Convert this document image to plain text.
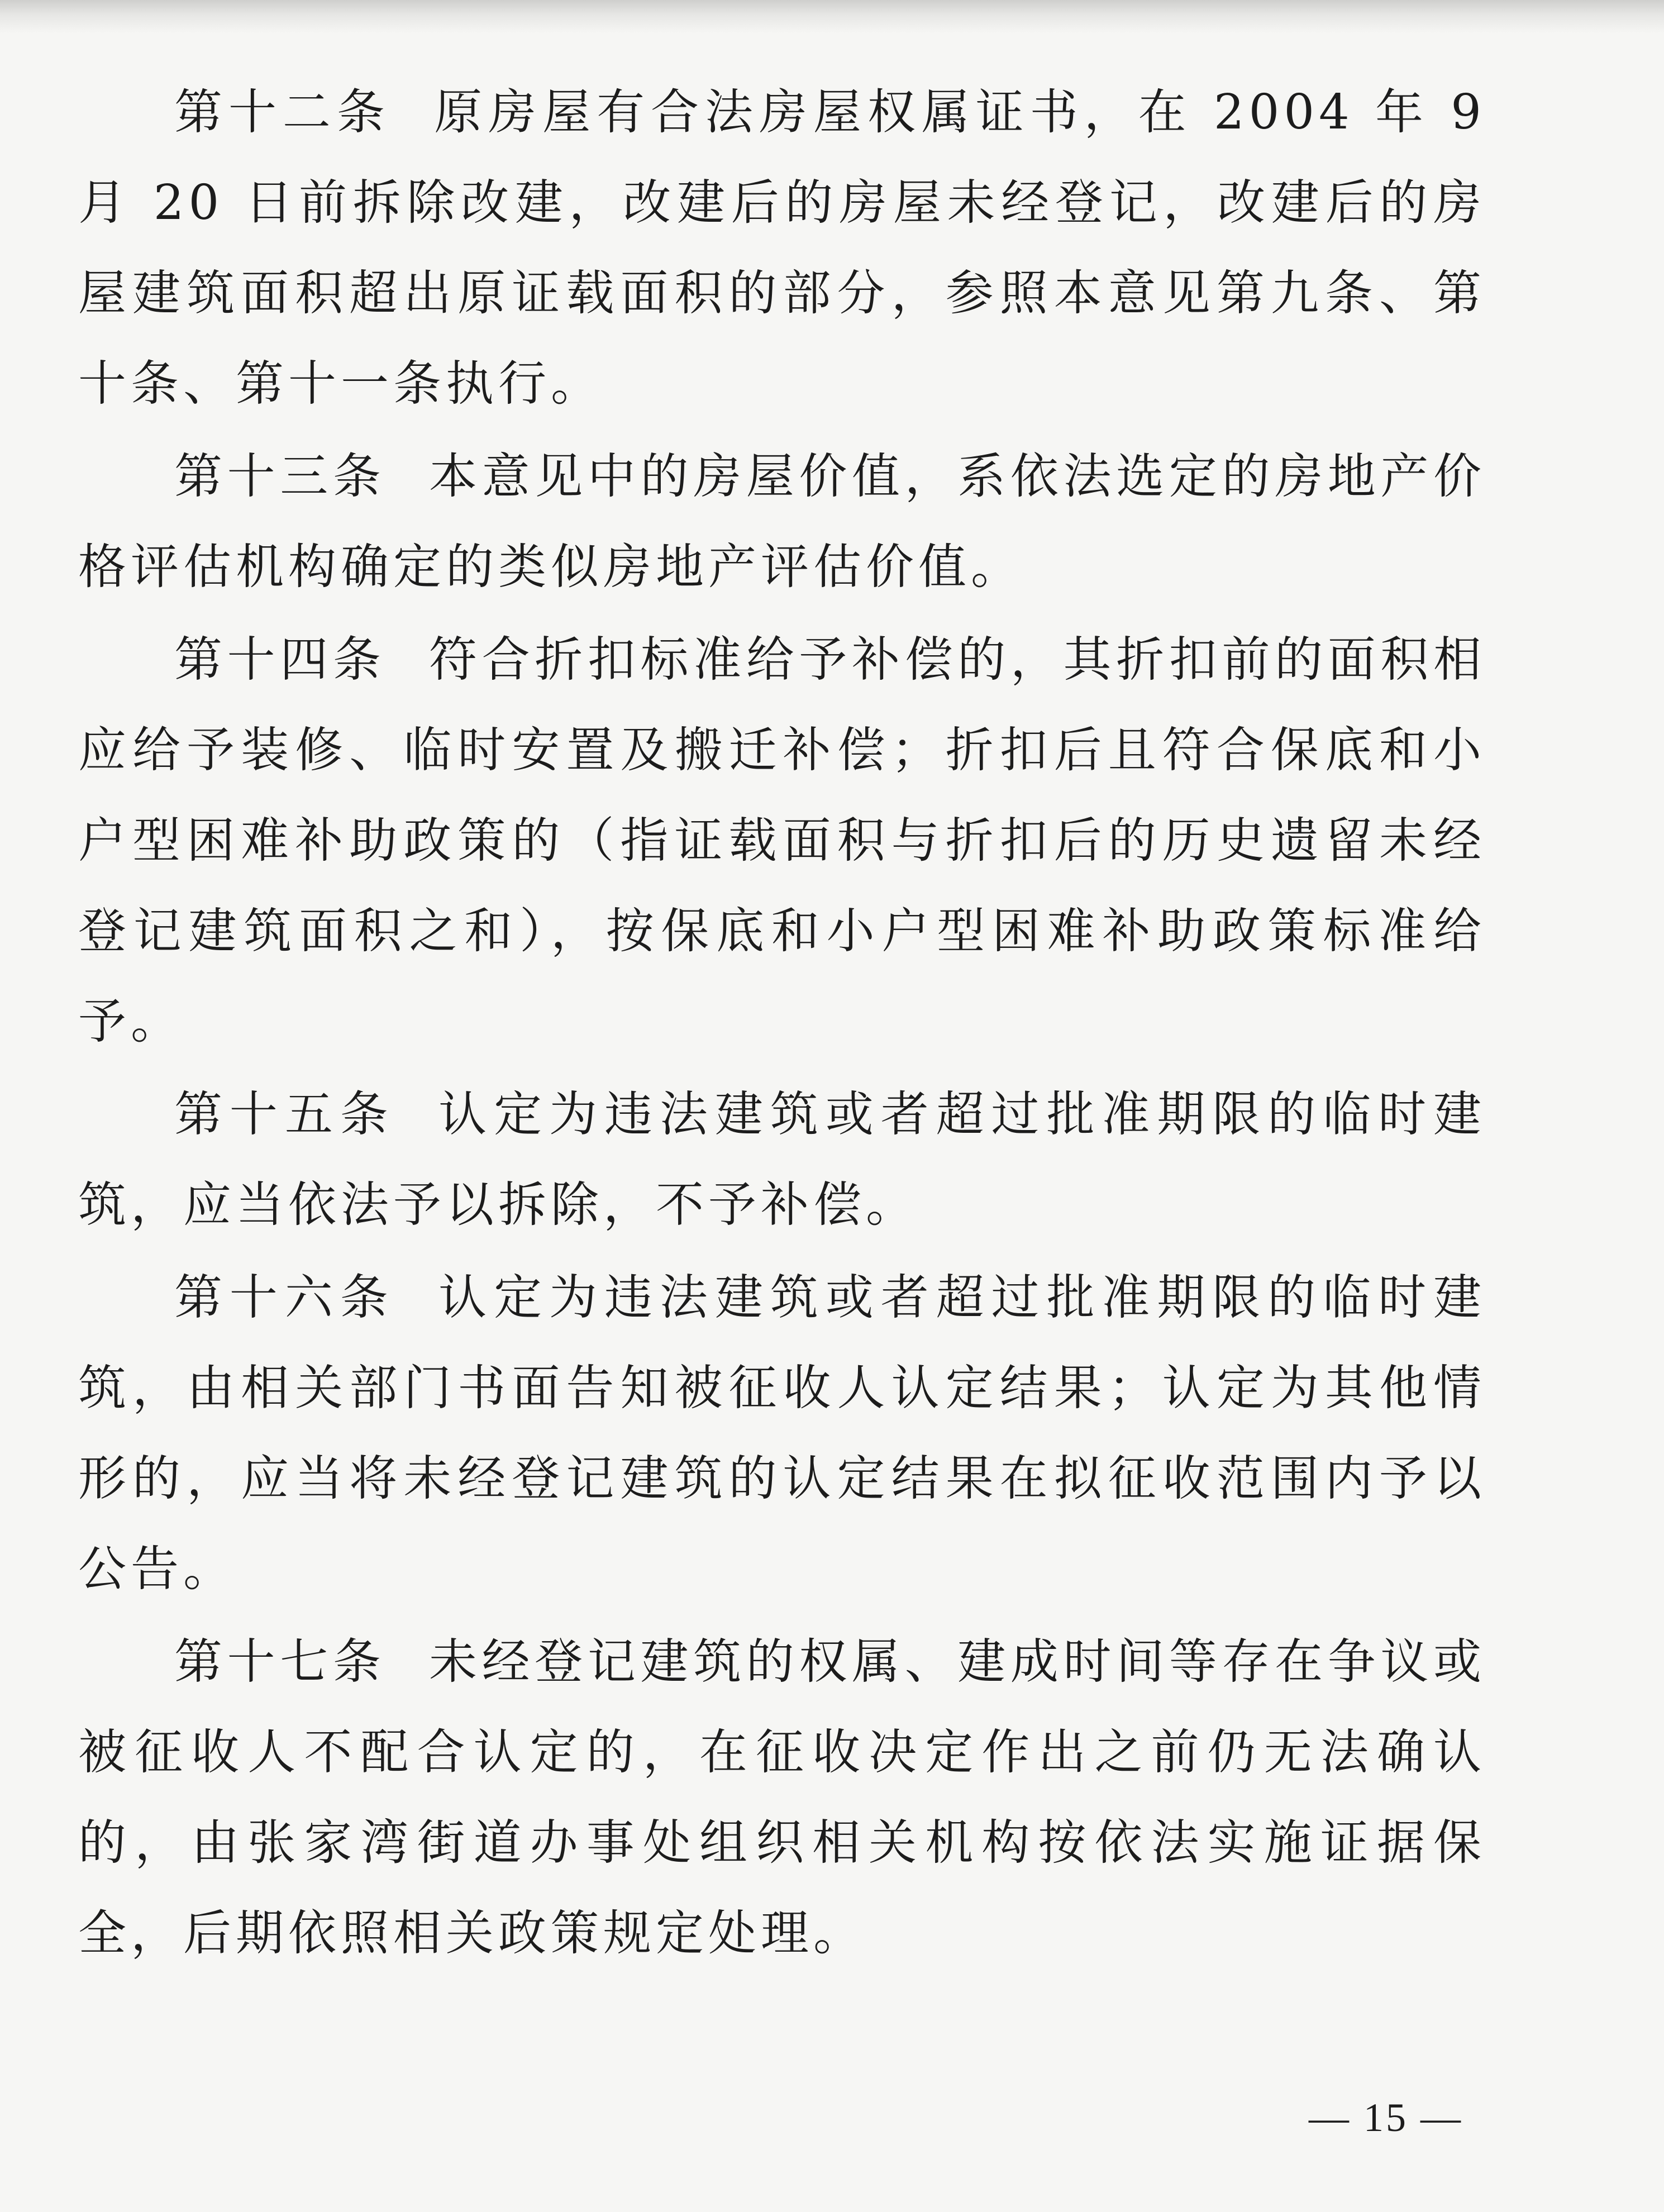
第十二条 原房屋有合法房屋权属证书，在 2004 年 9 月 20 日前拆除改建，改建后的房屋未经登记，改建后的房屋建筑面积超出原证载面积的部分，参照本意见第九条、第十条、第十一条执行。

第十三条 本意见中的房屋价值，系依法选定的房地产价格评估机构确定的类似房地产评估价值。

第十四条 符合折扣标准给予补偿的，其折扣前的面积相应给予装修、临时安置及搬迁补偿；折扣后且符合保底和小户型困难补助政策的（指证载面积与折扣后的历史遗留未经登记建筑面积之和），按保底和小户型困难补助政策标准给予。

第十五条 认定为违法建筑或者超过批准期限的临时建筑，应当依法予以拆除，不予补偿。

第十六条 认定为违法建筑或者超过批准期限的临时建筑，由相关部门书面告知被征收人认定结果；认定为其他情形的，应当将未经登记建筑的认定结果在拟征收范围内予以公告。

第十七条 未经登记建筑的权属、建成时间等存在争议或被征收人不配合认定的，在征收决定作出之前仍无法确认的，由张家湾街道办事处组织相关机构按依法实施证据保全，后期依照相关政策规定处理。

— 15 —
